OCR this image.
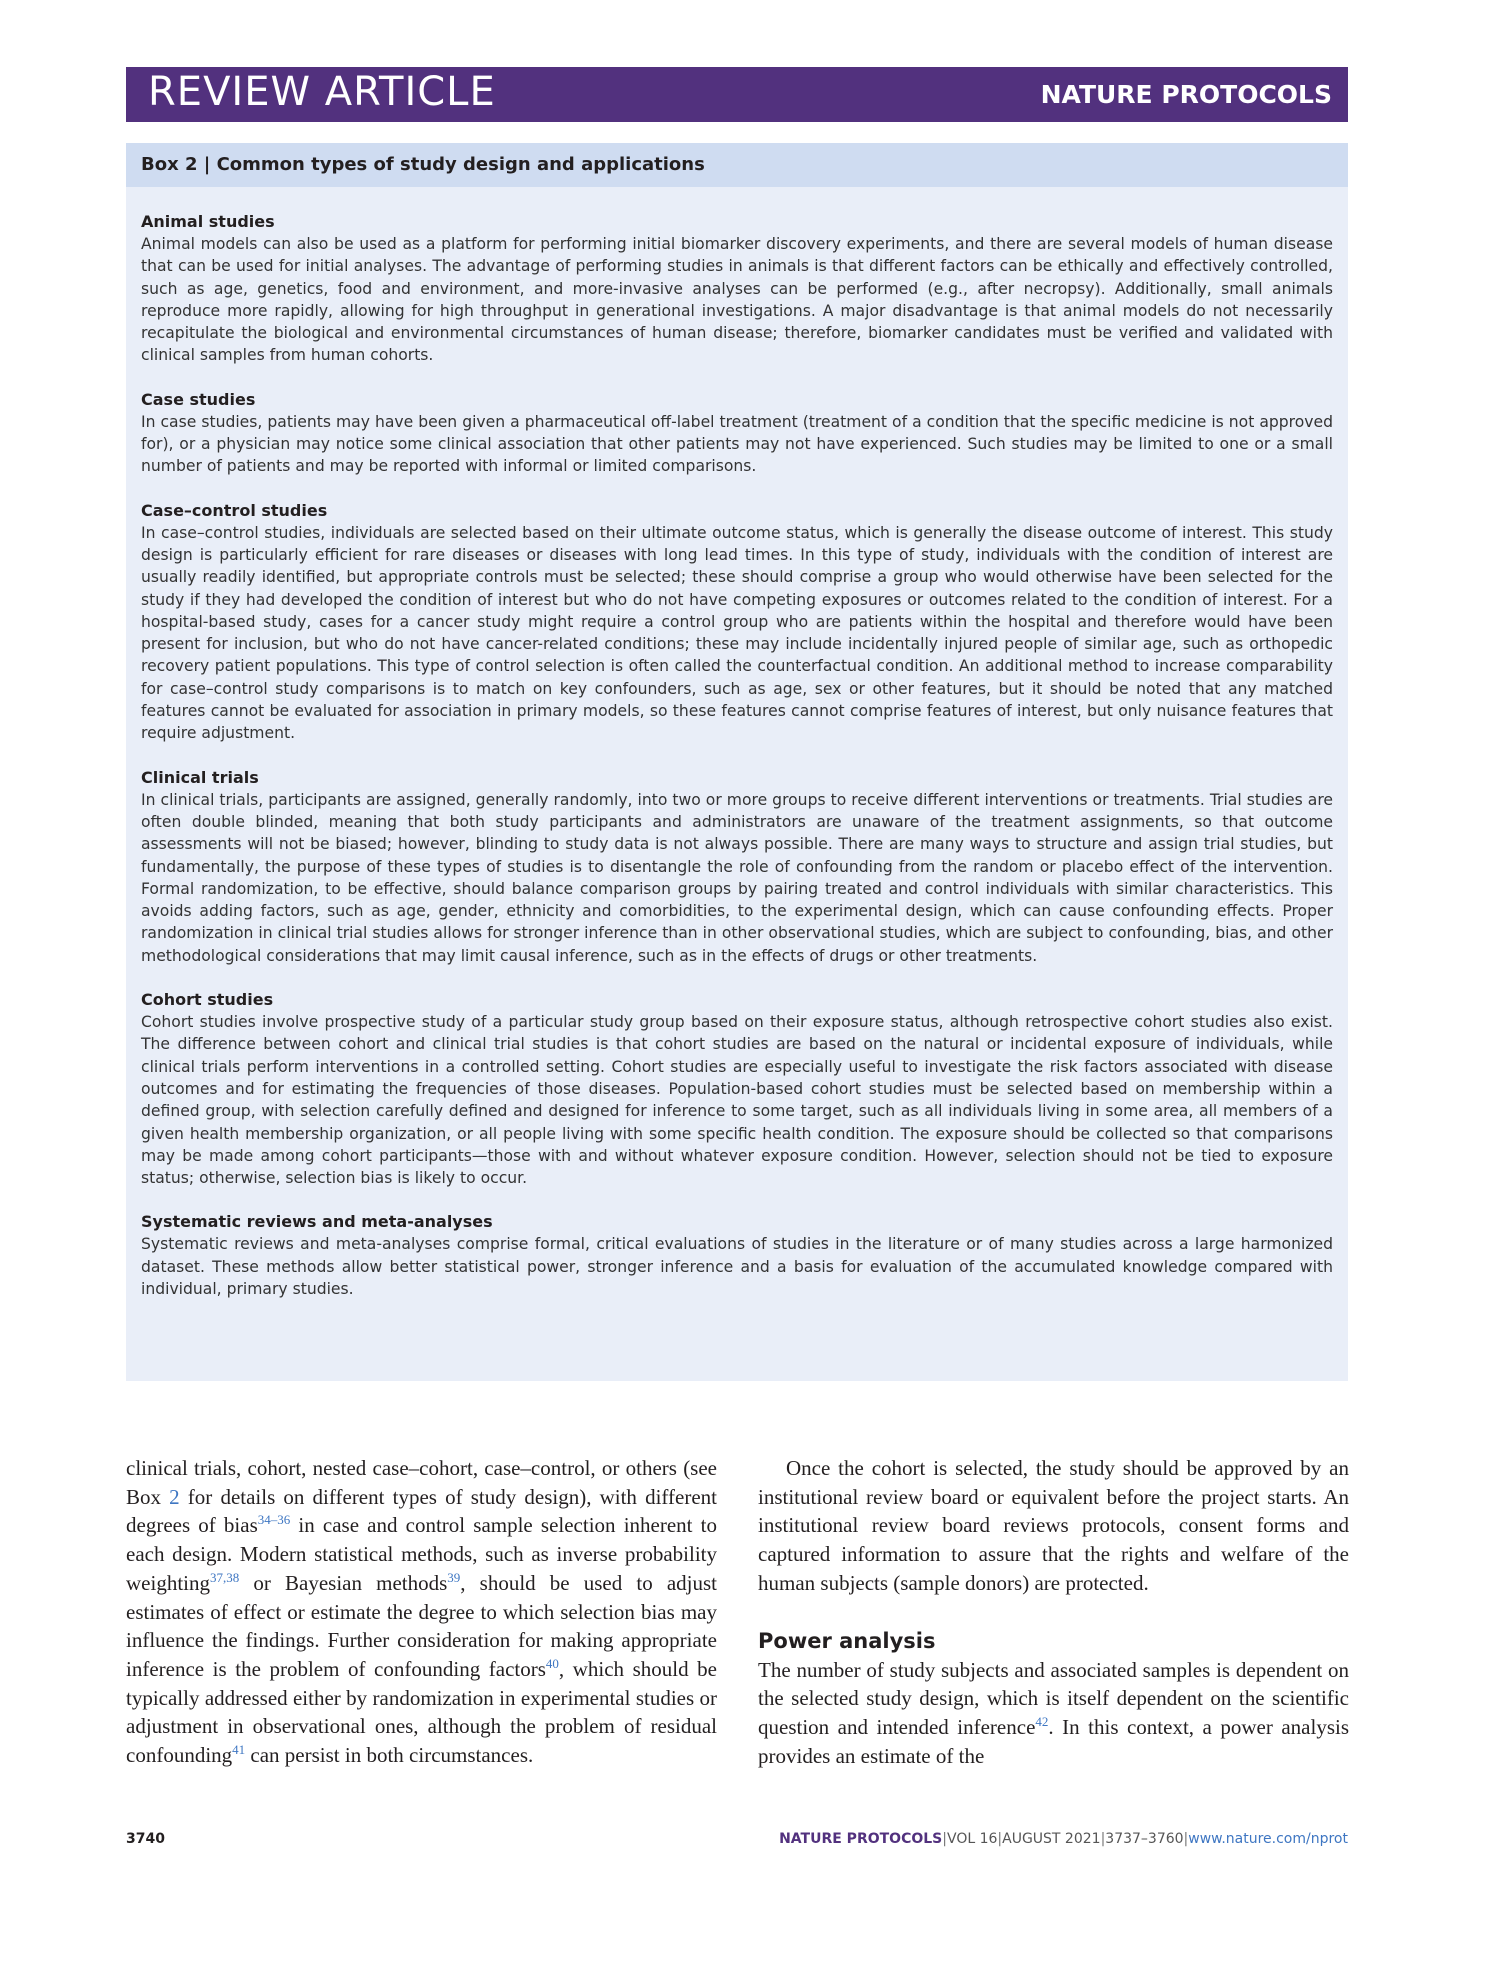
REVIEW ARTICLE	NATURE PROTOCOLS
Box 2 | Common types of study design and applications
Animal studies

Animal models can also be used as a platform for performing initial biomarker discovery experiments, and there are several models of human disease that can be used for initial analyses. The advantage of performing studies in animals is that different factors can be ethically and effectively controlled, such as age, genetics, food and environment, and more-invasive analyses can be performed (e.g., after necropsy). Additionally, small animals reproduce more rapidly, allowing for high throughput in generational investigations. A major disadvantage is that animal models do not necessarily recapitulate the biological and environmental circumstances of human disease; therefore, biomarker candidates must be verified and validated with clinical samples from human cohorts.

Case studies

In case studies, patients may have been given a pharmaceutical off-label treatment (treatment of a condition that the specific medicine is not approved for), or a physician may notice some clinical association that other patients may not have experienced. Such studies may be limited to one or a small number of patients and may be reported with informal or limited comparisons.

Case–control studies

In case–control studies, individuals are selected based on their ultimate outcome status, which is generally the disease outcome of interest. This study design is particularly efficient for rare diseases or diseases with long lead times. In this type of study, individuals with the condition of interest are usually readily identified, but appropriate controls must be selected; these should comprise a group who would otherwise have been selected for the study if they had developed the condition of interest but who do not have competing exposures or outcomes related to the condition of interest. For a hospital-based study, cases for a cancer study might require a control group who are patients within the hospital and therefore would have been present for inclusion, but who do not have cancer-related conditions; these may include incidentally injured people of similar age, such as orthopedic recovery patient populations. This type of control selection is often called the counterfactual condition. An additional method to increase comparability for case–control study comparisons is to match on key confounders, such as age, sex or other features, but it should be noted that any matched features cannot be evaluated for association in primary models, so these features cannot comprise features of interest, but only nuisance features that require adjustment.

Clinical trials

In clinical trials, participants are assigned, generally randomly, into two or more groups to receive different interventions or treatments. Trial studies are often double blinded, meaning that both study participants and administrators are unaware of the treatment assignments, so that outcome assessments will not be biased; however, blinding to study data is not always possible. There are many ways to structure and assign trial studies, but fundamentally, the purpose of these types of studies is to disentangle the role of confounding from the random or placebo effect of the intervention. Formal randomization, to be effective, should balance comparison groups by pairing treated and control individuals with similar characteristics. This avoids adding factors, such as age, gender, ethnicity and comorbidities, to the experimental design, which can cause confounding effects. Proper randomization in clinical trial studies allows for stronger inference than in other observational studies, which are subject to confounding, bias, and other methodological considerations that may limit causal inference, such as in the effects of drugs or other treatments.

Cohort studies

Cohort studies involve prospective study of a particular study group based on their exposure status, although retrospective cohort studies also exist. The difference between cohort and clinical trial studies is that cohort studies are based on the natural or incidental exposure of individuals, while clinical trials perform interventions in a controlled setting. Cohort studies are especially useful to investigate the risk factors associated with disease outcomes and for estimating the frequencies of those diseases. Population-based cohort studies must be selected based on membership within a defined group, with selection carefully defined and designed for inference to some target, such as all individuals living in some area, all members of a given health membership organization, or all people living with some specific health condition. The exposure should be collected so that comparisons may be made among cohort participants—those with and without whatever exposure condition. However, selection should not be tied to exposure status; otherwise, selection bias is likely to occur.

Systematic reviews and meta-analyses

Systematic reviews and meta-analyses comprise formal, critical evaluations of studies in the literature or of many studies across a large harmonized dataset. These methods allow better statistical power, stronger inference and a basis for evaluation of the accumulated knowledge compared with individual, primary studies.

clinical trials, cohort, nested case–cohort, case–control, or others (see Box 2 for details on different types of study design), with different degrees of bias$^{34-36}$ in case and control sample selection inherent to each design. Modern statistical methods, such as inverse probability weighting$^{37,38}$ or Bayesian methods$^{39}$, should be used to adjust estimates of effect or estimate the degree to which selection bias may influence the findings. Further consideration for making appropriate inference is the problem of confounding factors$^{40}$, which should be typically addressed either by randomization in experimental studies or adjustment in observational ones, although the problem of residual confounding$^{41}$ can persist in both circumstances.

Once the cohort is selected, the study should be approved by an institutional review board or equivalent before the project starts. An institutional review board reviews protocols, consent forms and captured information to assure that the rights and welfare of the human subjects (sample donors) are protected.

Power analysis

The number of study subjects and associated samples is dependent on the selected study design, which is itself dependent on the scientific question and intended inference$^{42}$. In this context, a power analysis provides an estimate of the

3740	NATURE PROTOCOLS|VOL 16|AUGUST 2021|3737–3760|www.nature.com/nprot
